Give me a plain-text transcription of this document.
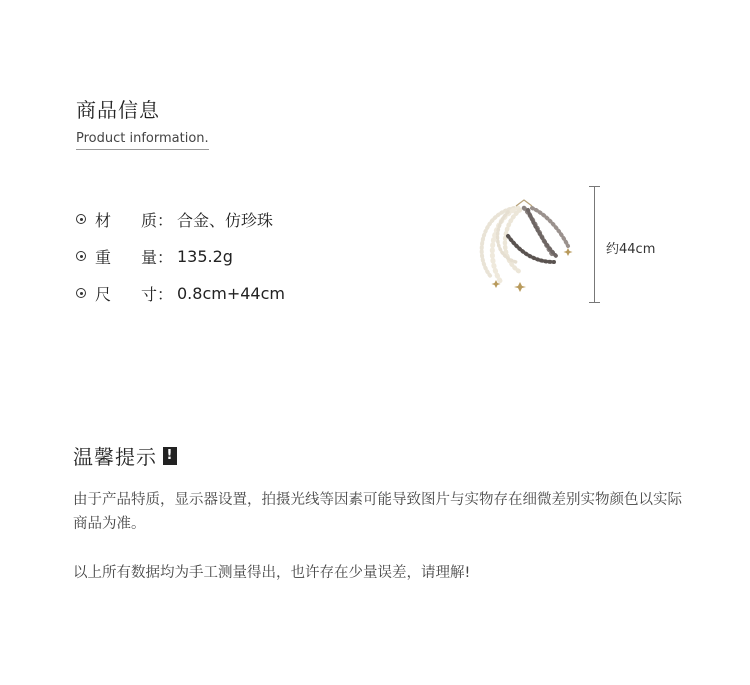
商品信息
Product information.
材	质： 合金、仿珍珠
重	量： 135.2g
尺	寸： 0.8cm+44cm
约44cm
温馨提示 !
由于产品特质，显示器设置，拍摄光线等因素可能导致图片与实物存在细微差别实物颜色以实际商品为准。
以上所有数据均为手工测量得出，也许存在少量误差，请理解!
